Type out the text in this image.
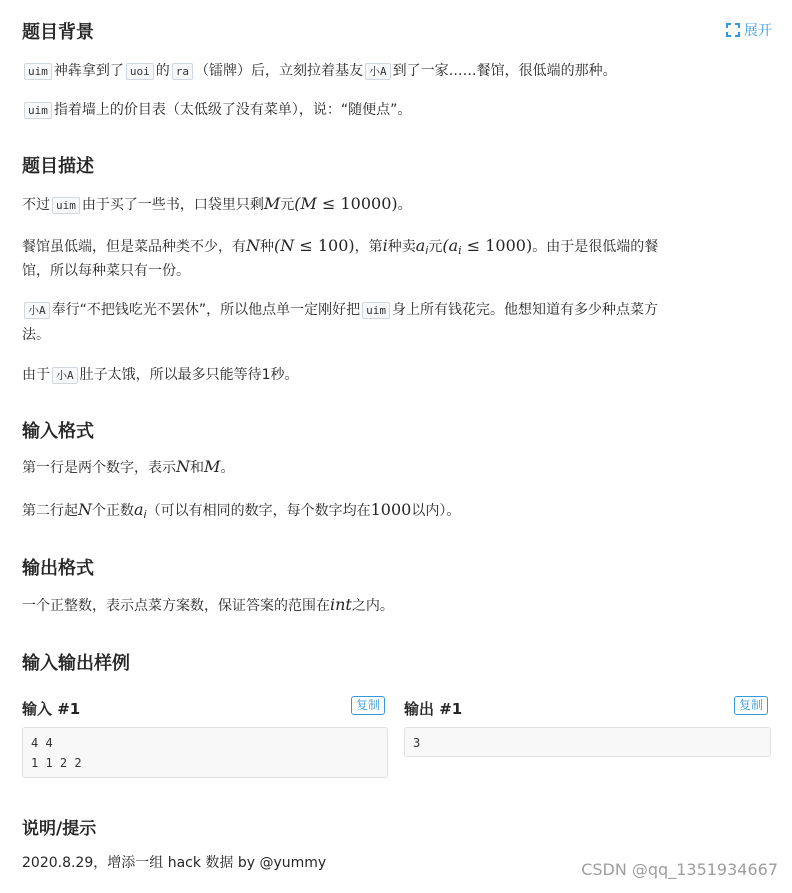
题目背景	展开
uim 神犇拿到了 uoi 的 ra （镭牌）后，立刻拉着基友 小A 到了一家……餐馆，很低端的那种。
uim 指着墙上的价目表（太低级了没有菜单），说：“随便点”。
题目描述
不过 uim 由于买了一些书，口袋里只剩M元(M ≤ 10000)。
餐馆虽低端，但是菜品种类不少，有N种(N ≤ 100)，第i种卖$a_i$元$(a_i \le 1000)$。由于是很低端的餐
馆，所以每种菜只有一份。
小A 奉行“不把钱吃光不罢休”，所以他点单一定刚好把 uim 身上所有钱花完。他想知道有多少种点菜方
法。
由于 小A 肚子太饿，所以最多只能等待1秒。
输入格式
第一行是两个数字，表示N和M。
第二行起N个正数$a_i$（可以有相同的数字，每个数字均在1000以内）。
输出格式
一个正整数，表示点菜方案数，保证答案的范围在int之内。
输入输出样例
输入 #1	复制
4 4
1 1 2 2
输出 #1	复制
3
说明/提示
2020.8.29，增添一组 hack 数据 by @yummy	CSDN @qq_1351934667
